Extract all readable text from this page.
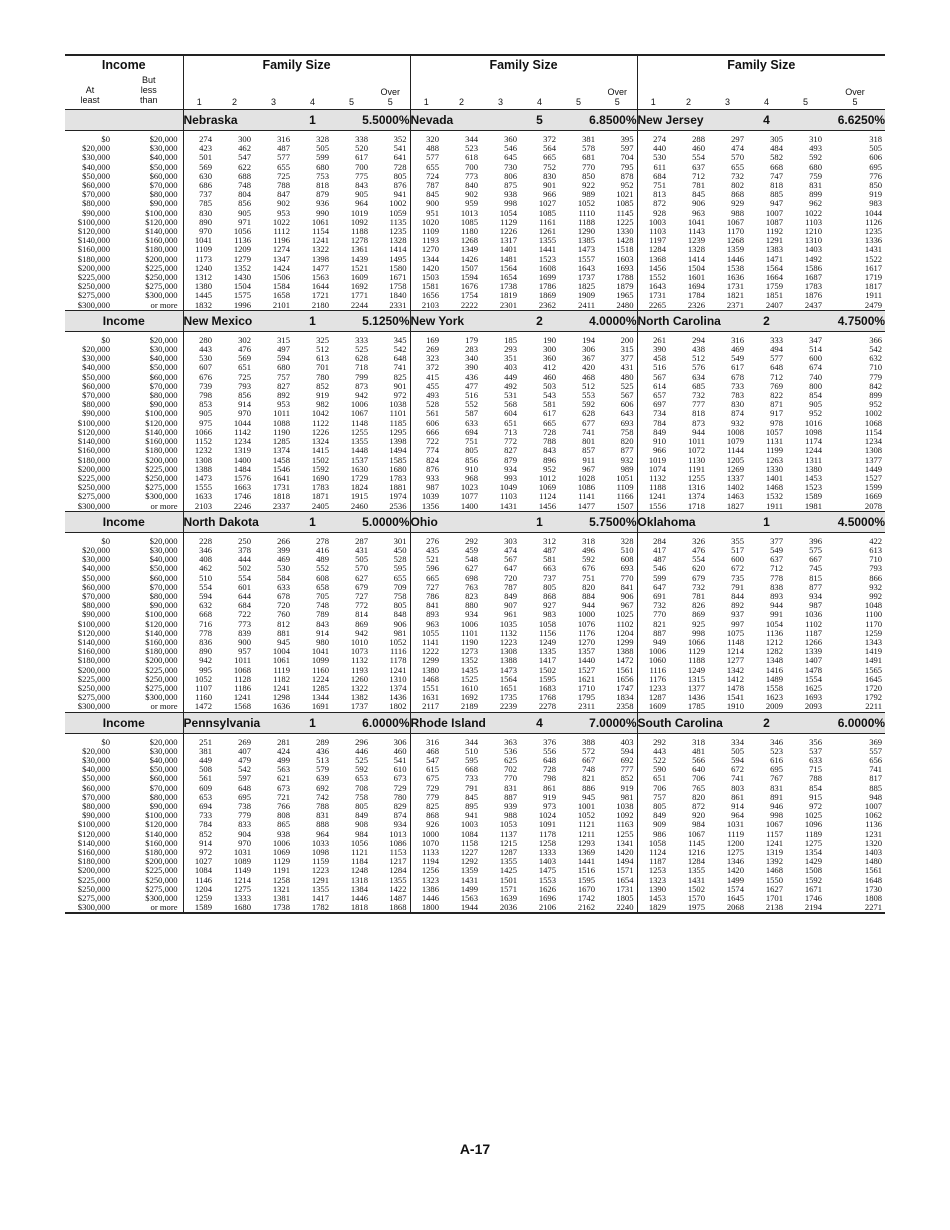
Income		Family Size						Family Size						Family Size					
At
least	But
less
than	1	2	3	4	5	Over
5	1	2	3	4	5	Over
5	1	2	3	4	5	Over
5
		Nebraska			1	5.5000%		Nevada			5	6.8500%		New Jersey			4	6.6250%	

$0	$20,000	274	300	316	328	338	352	320	344	360	372	381	395	274	288	297	305	310	318
$20,000	$30,000	423	462	487	505	520	541	488	523	546	564	578	597	440	460	474	484	493	505
$30,000	$40,000	501	547	577	599	617	641	577	618	645	665	681	704	530	554	570	582	592	606
$40,000	$50,000	569	622	655	680	700	728	655	700	730	752	770	795	611	637	655	668	680	695
$50,000	$60,000	630	688	725	753	775	805	724	773	806	830	850	878	684	712	732	747	759	776
$60,000	$70,000	686	748	788	818	843	876	787	840	875	901	922	952	751	781	802	818	831	850
$70,000	$80,000	737	804	847	879	905	941	845	902	938	966	989	1021	813	845	868	885	899	919
$80,000	$90,000	785	856	902	936	964	1002	900	959	998	1027	1052	1085	872	906	929	947	962	983
$90,000	$100,000	830	905	953	990	1019	1059	951	1013	1054	1085	1110	1145	928	963	988	1007	1022	1044
$100,000	$120,000	890	971	1022	1061	1092	1135	1020	1085	1129	1161	1188	1225	1003	1041	1067	1087	1103	1126
$120,000	$140,000	970	1056	1112	1154	1188	1235	1109	1180	1226	1261	1290	1330	1103	1143	1170	1192	1210	1235
$140,000	$160,000	1041	1136	1196	1241	1278	1328	1193	1268	1317	1355	1385	1428	1197	1239	1268	1291	1310	1336
$160,000	$180,000	1109	1209	1274	1322	1361	1414	1270	1349	1401	1441	1473	1518	1284	1328	1359	1383	1403	1431
$180,000	$200,000	1173	1279	1347	1398	1439	1495	1344	1426	1481	1523	1557	1603	1368	1414	1446	1471	1492	1522
$200,000	$225,000	1240	1352	1424	1477	1521	1580	1420	1507	1564	1608	1643	1693	1456	1504	1538	1564	1586	1617
$225,000	$250,000	1312	1430	1506	1563	1609	1671	1503	1594	1654	1699	1737	1788	1552	1601	1636	1664	1687	1719
$250,000	$275,000	1380	1504	1584	1644	1692	1758	1581	1676	1738	1786	1825	1879	1643	1694	1731	1759	1783	1817
$275,000	$300,000	1445	1575	1658	1721	1771	1840	1656	1754	1819	1869	1909	1965	1731	1784	1821	1851	1876	1911
$300,000	or more	1832	1996	2101	2180	2244	2331	2103	2222	2301	2362	2411	2480	2265	2326	2371	2407	2437	2479
Income		New Mexico			1	5.1250%		New York			2	4.0000%		North Carolina			2	4.7500%	

$0	$20,000	280	302	315	325	333	345	169	179	185	190	194	200	261	294	316	333	347	366
$20,000	$30,000	443	476	497	512	525	542	269	283	293	300	306	315	390	438	469	494	514	542
$30,000	$40,000	530	569	594	613	628	648	323	340	351	360	367	377	458	512	549	577	600	632
$40,000	$50,000	607	651	680	701	718	741	372	390	403	412	420	431	516	576	617	648	674	710
$50,000	$60,000	676	725	757	780	799	825	415	436	449	460	468	480	567	634	678	712	740	779
$60,000	$70,000	739	793	827	852	873	901	455	477	492	503	512	525	614	685	733	769	800	842
$70,000	$80,000	798	856	892	919	942	972	493	516	531	543	553	567	657	732	783	822	854	899
$80,000	$90,000	853	914	953	982	1006	1038	528	552	568	581	592	606	697	777	830	871	905	952
$90,000	$100,000	905	970	1011	1042	1067	1101	561	587	604	617	628	643	734	818	874	917	952	1002
$100,000	$120,000	975	1044	1088	1122	1148	1185	606	633	651	665	677	693	784	873	932	978	1016	1068
$120,000	$140,000	1066	1142	1190	1226	1255	1295	666	694	713	728	741	758	849	944	1008	1057	1098	1154
$140,000	$160,000	1152	1234	1285	1324	1355	1398	722	751	772	788	801	820	910	1011	1079	1131	1174	1234
$160,000	$180,000	1232	1319	1374	1415	1448	1494	774	805	827	843	857	877	966	1072	1144	1199	1244	1308
$180,000	$200,000	1308	1400	1458	1502	1537	1585	824	856	879	896	911	932	1019	1130	1205	1263	1311	1377
$200,000	$225,000	1388	1484	1546	1592	1630	1680	876	910	934	952	967	989	1074	1191	1269	1330	1380	1449
$225,000	$250,000	1473	1576	1641	1690	1729	1783	933	968	993	1012	1028	1051	1132	1255	1337	1401	1453	1527
$250,000	$275,000	1555	1663	1731	1783	1824	1881	987	1023	1049	1069	1086	1109	1188	1316	1402	1468	1523	1599
$275,000	$300,000	1633	1746	1818	1871	1915	1974	1039	1077	1103	1124	1141	1166	1241	1374	1463	1532	1589	1669
$300,000	or more	2103	2246	2337	2405	2460	2536	1356	1400	1431	1456	1477	1507	1556	1718	1827	1911	1981	2078
Income		North Dakota			1	5.0000%		Ohio			1	5.7500%		Oklahoma			1	4.5000%	

$0	$20,000	228	250	266	278	287	301	276	292	303	312	318	328	284	326	355	377	396	422
$20,000	$30,000	346	378	399	416	431	450	435	459	474	487	496	510	417	476	517	549	575	613
$30,000	$40,000	408	444	469	489	505	528	521	548	567	581	592	608	487	554	600	637	667	710
$40,000	$50,000	462	502	530	552	570	595	596	627	647	663	676	693	546	620	672	712	745	793
$50,000	$60,000	510	554	584	608	627	655	665	698	720	737	751	770	599	679	735	778	815	866
$60,000	$70,000	554	601	633	658	679	709	727	763	787	805	820	841	647	732	791	838	877	932
$70,000	$80,000	594	644	678	705	727	758	786	823	849	868	884	906	691	781	844	893	934	992
$80,000	$90,000	632	684	720	748	772	805	841	880	907	927	944	967	732	826	892	944	987	1048
$90,000	$100,000	668	722	760	789	814	848	893	934	961	983	1000	1025	770	869	937	991	1036	1100
$100,000	$120,000	716	773	812	843	869	906	963	1006	1035	1058	1076	1102	821	925	997	1054	1102	1170
$120,000	$140,000	778	839	881	914	942	981	1055	1101	1132	1156	1176	1204	887	998	1075	1136	1187	1259
$140,000	$160,000	836	900	945	980	1010	1052	1141	1190	1223	1249	1270	1299	949	1066	1148	1212	1266	1343
$160,000	$180,000	890	957	1004	1041	1073	1116	1222	1273	1308	1335	1357	1388	1006	1129	1214	1282	1339	1419
$180,000	$200,000	942	1011	1061	1099	1132	1178	1299	1352	1388	1417	1440	1472	1060	1188	1277	1348	1407	1491
$200,000	$225,000	995	1068	1119	1160	1193	1241	1380	1435	1473	1502	1527	1561	1116	1249	1342	1416	1478	1565
$225,000	$250,000	1052	1128	1182	1224	1260	1310	1468	1525	1564	1595	1621	1656	1176	1315	1412	1489	1554	1645
$250,000	$275,000	1107	1186	1241	1285	1322	1374	1551	1610	1651	1683	1710	1747	1233	1377	1478	1558	1625	1720
$275,000	$300,000	1160	1241	1298	1344	1382	1436	1631	1692	1735	1768	1795	1834	1287	1436	1541	1623	1693	1792
$300,000	or more	1472	1568	1636	1691	1737	1802	2117	2189	2239	2278	2311	2358	1609	1785	1910	2009	2093	2211
Income		Pennsylvania			1	6.0000%		Rhode Island			4	7.0000%		South Carolina			2	6.0000%	

$0	$20,000	251	269	281	289	296	306	316	344	363	376	388	403	292	318	334	346	356	369
$20,000	$30,000	381	407	424	436	446	460	468	510	536	556	572	594	443	481	505	523	537	557
$30,000	$40,000	449	479	499	513	525	541	547	595	625	648	667	692	522	566	594	616	633	656
$40,000	$50,000	508	542	563	579	592	610	615	668	702	728	748	777	590	640	672	695	715	741
$50,000	$60,000	561	597	621	639	653	673	675	733	770	798	821	852	651	706	741	767	788	817
$60,000	$70,000	609	648	673	692	708	729	729	791	831	861	886	919	706	765	803	831	854	885
$70,000	$80,000	653	695	721	742	758	780	779	845	887	919	945	981	757	820	861	891	915	948
$80,000	$90,000	694	738	766	788	805	829	825	895	939	973	1001	1038	805	872	914	946	972	1007
$90,000	$100,000	733	779	808	831	849	874	868	941	988	1024	1052	1092	849	920	964	998	1025	1062
$100,000	$120,000	784	833	865	888	908	934	926	1003	1053	1091	1121	1163	909	984	1031	1067	1096	1136
$120,000	$140,000	852	904	938	964	984	1013	1000	1084	1137	1178	1211	1255	986	1067	1119	1157	1189	1231
$140,000	$160,000	914	970	1006	1033	1056	1086	1070	1158	1215	1258	1293	1341	1058	1145	1200	1241	1275	1320
$160,000	$180,000	972	1031	1069	1098	1121	1153	1133	1227	1287	1333	1369	1420	1124	1216	1275	1319	1354	1403
$180,000	$200,000	1027	1089	1129	1159	1184	1217	1194	1292	1355	1403	1441	1494	1187	1284	1346	1392	1429	1480
$200,000	$225,000	1084	1149	1191	1223	1248	1284	1256	1359	1425	1475	1516	1571	1253	1355	1420	1468	1508	1561
$225,000	$250,000	1146	1214	1258	1291	1318	1355	1323	1431	1501	1553	1595	1654	1323	1431	1499	1550	1592	1648
$250,000	$275,000	1204	1275	1321	1355	1384	1422	1386	1499	1571	1626	1670	1731	1390	1502	1574	1627	1671	1730
$275,000	$300,000	1259	1333	1381	1417	1446	1487	1446	1563	1639	1696	1742	1805	1453	1570	1645	1701	1746	1808
$300,000	or more	1589	1680	1738	1782	1818	1868	1800	1944	2036	2106	2162	2240	1829	1975	2068	2138	2194	2271
A-17
